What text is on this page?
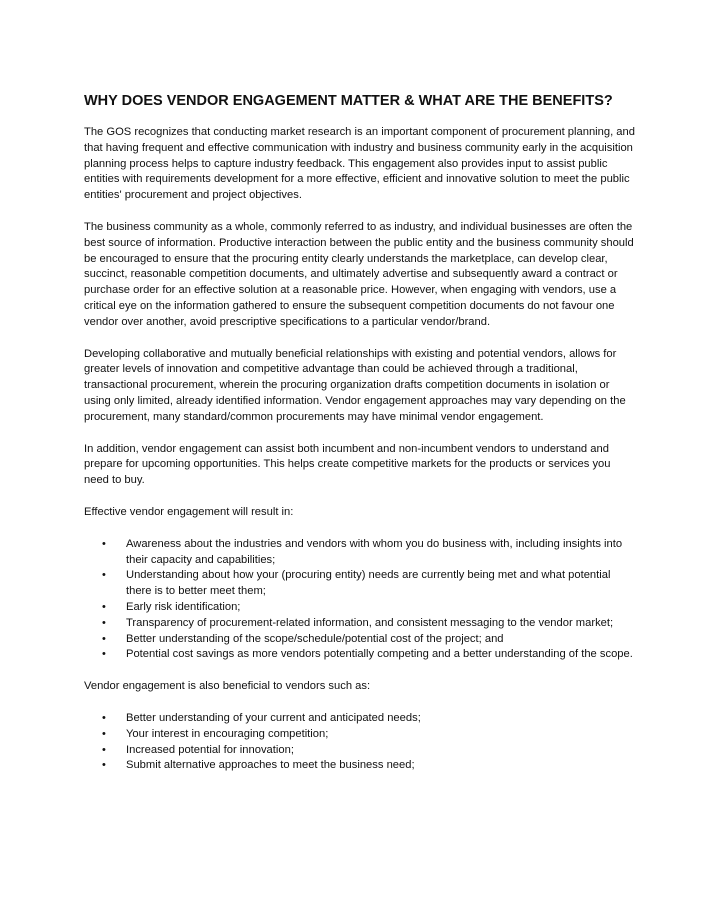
WHY DOES VENDOR ENGAGEMENT MATTER & WHAT ARE THE BENEFITS?

The GOS recognizes that conducting market research is an important component of procurement planning, and that having frequent and effective communication with industry and business community early in the acquisition planning process helps to capture industry feedback. This engagement also provides input to assist public entities with requirements development for a more effective, efficient and innovative solution to meet the public entities' procurement and project objectives.

The business community as a whole, commonly referred to as industry, and individual businesses are often the best source of information. Productive interaction between the public entity and the business community should be encouraged to ensure that the procuring entity clearly understands the marketplace, can develop clear, succinct, reasonable competition documents, and ultimately advertise and subsequently award a contract or purchase order for an effective solution at a reasonable price. However, when engaging with vendors, use a critical eye on the information gathered to ensure the subsequent competition documents do not favour one vendor over another, avoid prescriptive specifications to a particular vendor/brand.

Developing collaborative and mutually beneficial relationships with existing and potential vendors, allows for greater levels of innovation and competitive advantage than could be achieved through a traditional, transactional procurement, wherein the procuring organization drafts competition documents in isolation or using only limited, already identified information. Vendor engagement approaches may vary depending on the procurement, many standard/common procurements may have minimal vendor engagement.

In addition, vendor engagement can assist both incumbent and non-incumbent vendors to understand and prepare for upcoming opportunities. This helps create competitive markets for the products or services you need to buy.

Effective vendor engagement will result in:

• Awareness about the industries and vendors with whom you do business with, including insights into their capacity and capabilities;
• Understanding about how your (procuring entity) needs are currently being met and what potential there is to better meet them;
• Early risk identification;
• Transparency of procurement-related information, and consistent messaging to the vendor market;
• Better understanding of the scope/schedule/potential cost of the project; and
• Potential cost savings as more vendors potentially competing and a better understanding of the scope.

Vendor engagement is also beneficial to vendors such as:

• Better understanding of your current and anticipated needs;
• Your interest in encouraging competition;
• Increased potential for innovation;
• Submit alternative approaches to meet the business need;
